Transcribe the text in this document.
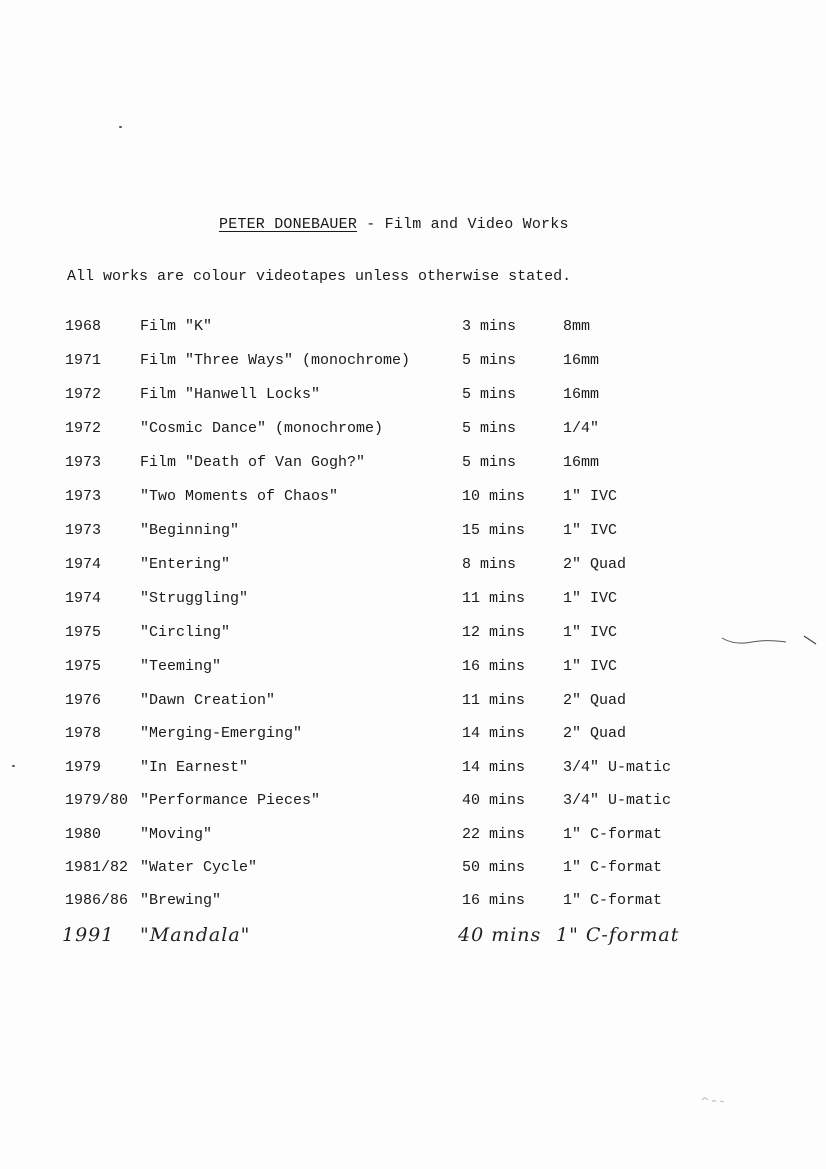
PETER DONEBAUER - Film and Video Works
All works are colour videotapes unless otherwise stated.
1968	Film "K"	3 mins	8mm
1971	Film "Three Ways" (monochrome)	5 mins	16mm
1972	Film "Hanwell Locks"	5 mins	16mm
1972	"Cosmic Dance" (monochrome)	5 mins	1/4"
1973	Film "Death of Van Gogh?"	5 mins	16mm
1973	"Two Moments of Chaos"	10 mins	1" IVC
1973	"Beginning"	15 mins	1" IVC
1974	"Entering"	8 mins	2" Quad
1974	"Struggling"	11 mins	1" IVC
1975	"Circling"	12 mins	1" IVC
1975	"Teeming"	16 mins	1" IVC
1976	"Dawn Creation"	11 mins	2" Quad
1978	"Merging-Emerging"	14 mins	2" Quad
1979	"In Earnest"	14 mins	3/4" U-matic
1979/80 "Performance Pieces"	40 mins	3/4" U-matic
1980	"Moving"	22 mins	1" C-format
1981/82 "Water Cycle"	50 mins	1" C-format
1986/86 "Brewing"	16 mins	1" C-format
1991 "Mandala"	40 mins 1" C-format
